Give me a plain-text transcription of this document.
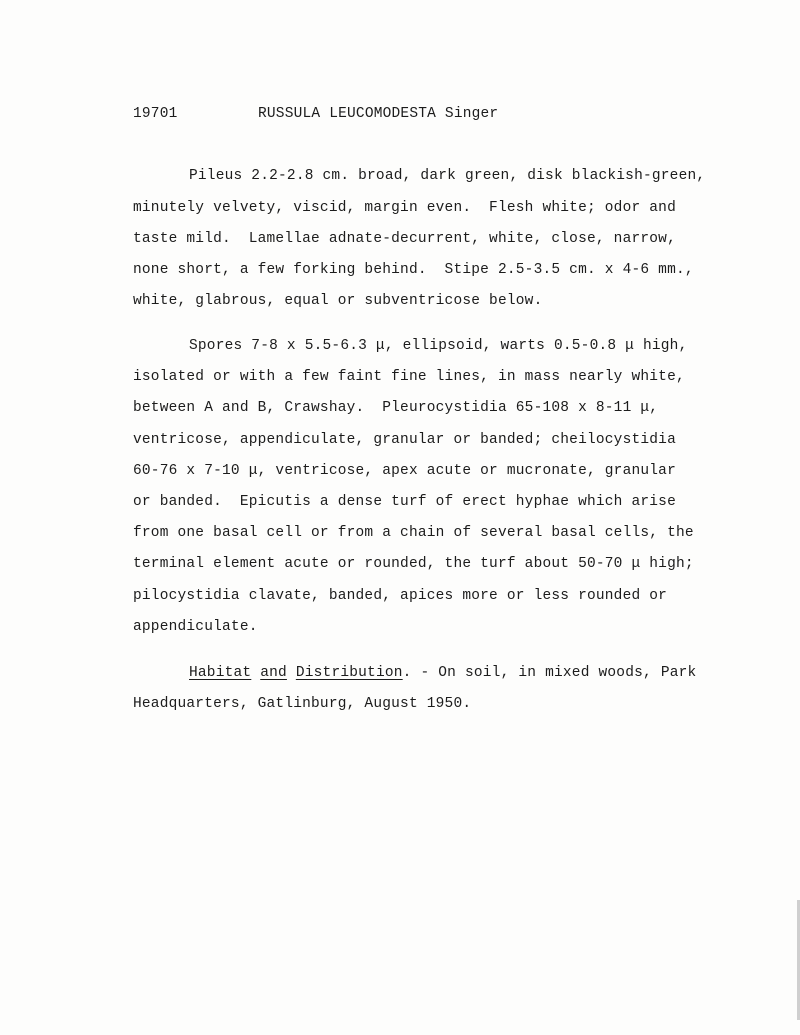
19701	RUSSULA LEUCOMODESTA Singer
Pileus 2.2-2.8 cm. broad, dark green, disk blackish-green,
minutely velvety, viscid, margin even.  Flesh white; odor and
taste mild.  Lamellae adnate-decurrent, white, close, narrow,
none short, a few forking behind.  Stipe 2.5-3.5 cm. x 4-6 mm.,
white, glabrous, equal or subventricose below.
Spores 7-8 x 5.5-6.3 μ, ellipsoid, warts 0.5-0.8 μ high,
isolated or with a few faint fine lines, in mass nearly white,
between A and B, Crawshay.  Pleurocystidia 65-108 x 8-11 μ,
ventricose, appendiculate, granular or banded; cheilocystidia
60-76 x 7-10 μ, ventricose, apex acute or mucronate, granular
or banded.  Epicutis a dense turf of erect hyphae which arise
from one basal cell or from a chain of several basal cells, the
terminal element acute or rounded, the turf about 50-70 μ high;
pilocystidia clavate, banded, apices more or less rounded or
appendiculate.
Habitat and Distribution. - On soil, in mixed woods, Park
Headquarters, Gatlinburg, August 1950.
